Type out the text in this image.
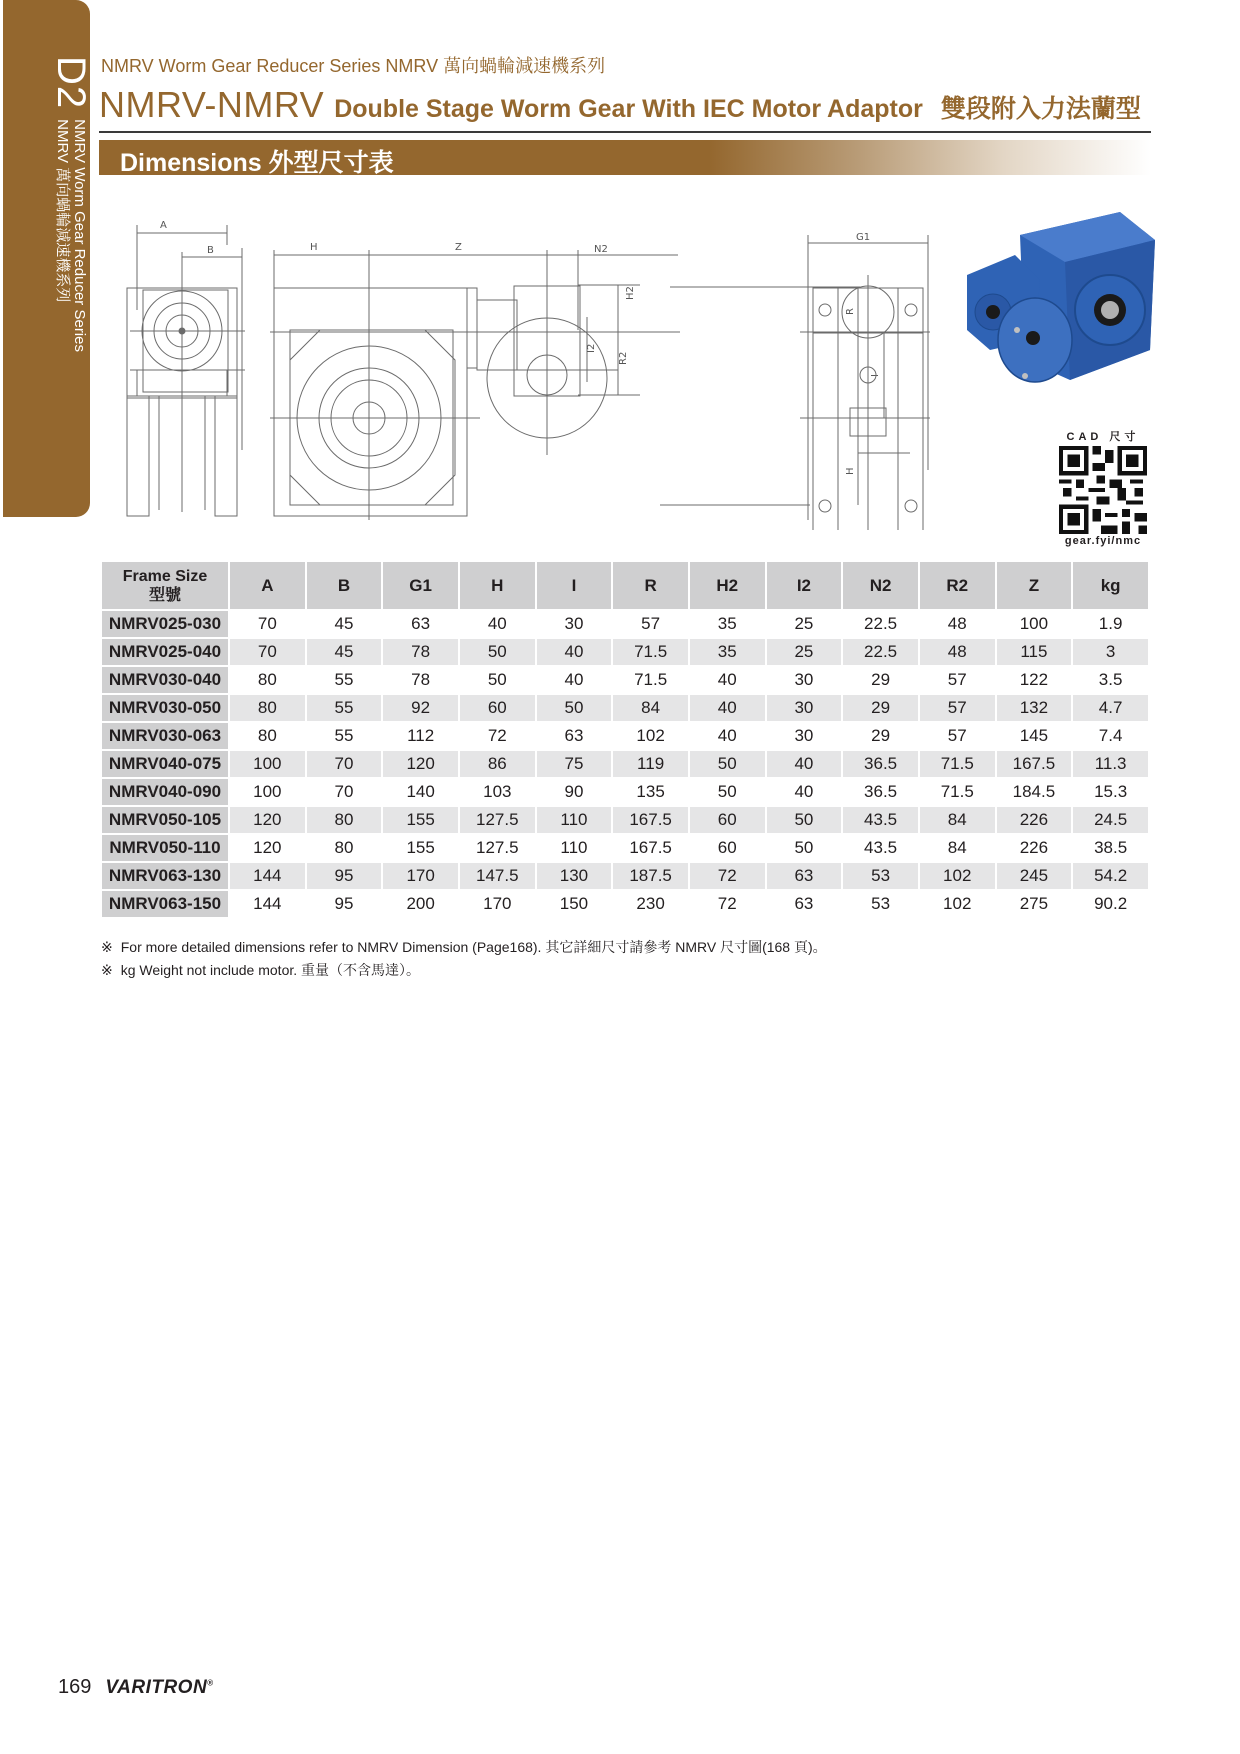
D2
NMRV Worm Gear Reducer Series
NMRV 萬向蝸輪減速機系列
NMRV Worm Gear Reducer Series NMRV 萬向蝸輪減速機系列
NMRV-NMRV Double Stage Worm Gear With IEC Motor Adaptor 雙段附入力法蘭型
Dimensions 外型尺寸表
A
B	H	Z	N2
H2
I2
R2
R
I
H
G1
CAD 尺寸
gear.fyi/nmc
Frame Size
型號	A	B	G1	H	I	R	H2	I2	N2	R2	Z	kg
NMRV025-030	70	45	63	40	30	57	35	25	22.5	48	100	1.9
NMRV025-040	70	45	78	50	40	71.5	35	25	22.5	48	115	3
NMRV030-040	80	55	78	50	40	71.5	40	30	29	57	122	3.5
NMRV030-050	80	55	92	60	50	84	40	30	29	57	132	4.7
NMRV030-063	80	55	112	72	63	102	40	30	29	57	145	7.4
NMRV040-075	100	70	120	86	75	119	50	40	36.5	71.5	167.5	11.3
NMRV040-090	100	70	140	103	90	135	50	40	36.5	71.5	184.5	15.3
NMRV050-105	120	80	155	127.5	110	167.5	60	50	43.5	84	226	24.5
NMRV050-110	120	80	155	127.5	110	167.5	60	50	43.5	84	226	38.5
NMRV063-130	144	95	170	147.5	130	187.5	72	63	53	102	245	54.2
NMRV063-150	144	95	200	170	150	230	72	63	53	102	275	90.2
※ For more detailed dimensions refer to NMRV Dimension (Page168). 其它詳細尺寸請參考 NMRV 尺寸圖(168 頁)。
※ kg Weight not include motor. 重量（不含馬達）。
169 VARITRON®
